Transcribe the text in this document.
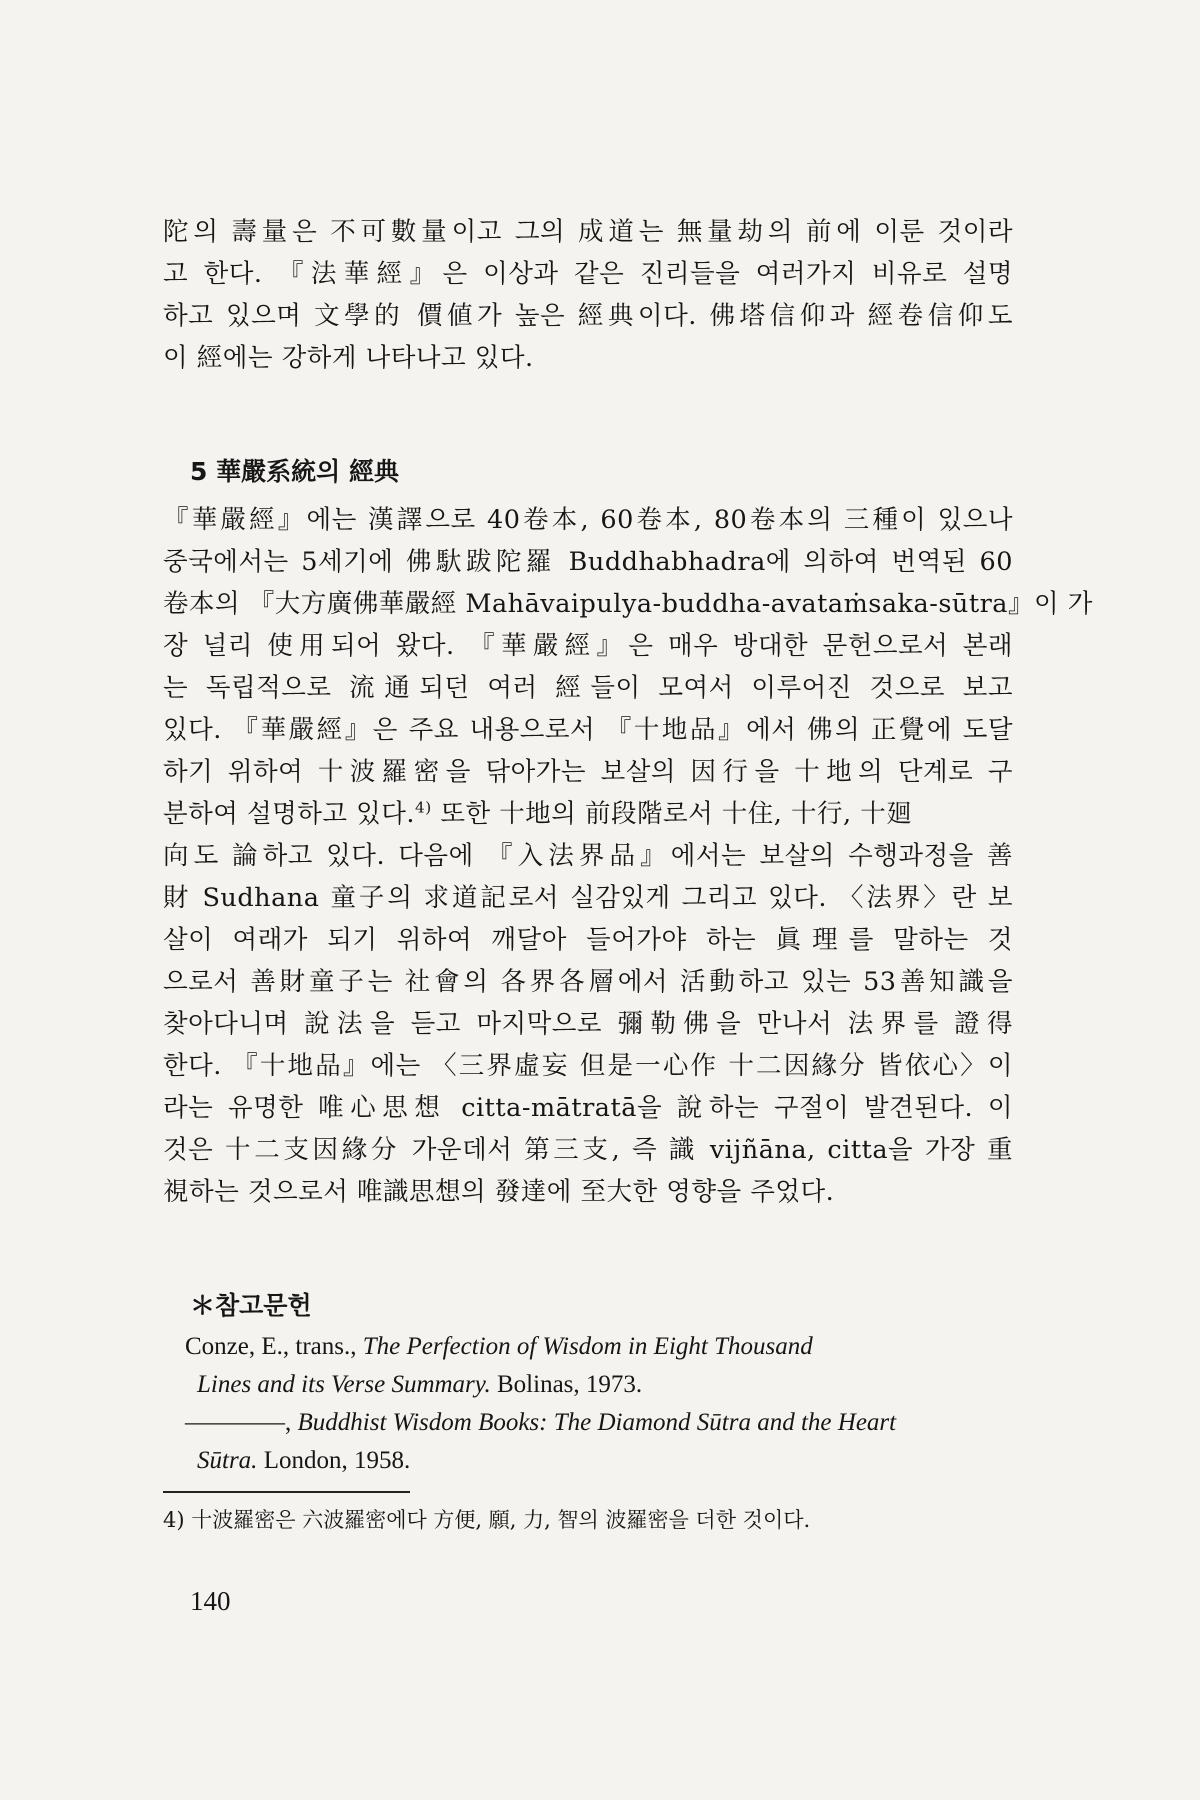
陀의 壽量은 不可數量이고 그의 成道는 無量劫의 前에 이룬 것이라
고 한다. 『法華經』은 이상과 같은 진리들을 여러가지 비유로 설명
하고 있으며 文學的 價値가 높은 經典이다. 佛塔信仰과 經卷信仰도
이 經에는 강하게 나타나고 있다.
5 華嚴系統의 經典
『華嚴經』에는 漢譯으로 40卷本, 60卷本, 80卷本의 三種이 있으나
중국에서는 5세기에 佛馱跋陀羅 Buddhabhadra에 의하여 번역된 60
卷本의 『大方廣佛華嚴經 Mahāvaipulya-buddha-avataṁsaka-sūtra』이 가
장 널리 使用되어 왔다. 『華嚴經』은 매우 방대한 문헌으로서 본래
는 독립적으로 流通되던 여러 經들이 모여서 이루어진 것으로 보고
있다. 『華嚴經』은 주요 내용으로서 『十地品』에서 佛의 正覺에 도달
하기 위하여 十波羅密을 닦아가는 보살의 因行을 十地의 단계로 구
분하여 설명하고 있다.$^{4)}$ 또한 十地의 前段階로서 十住, 十行, 十廻
向도 論하고 있다. 다음에 『入法界品』에서는 보살의 수행과정을 善
財 Sudhana 童子의 求道記로서 실감있게 그리고 있다. 〈法界〉란 보
살이 여래가 되기 위하여 깨달아 들어가야 하는 眞理를 말하는 것
으로서 善財童子는 社會의 各界各層에서 活動하고 있는 53善知識을
찾아다니며 說法을 듣고 마지막으로 彌勒佛을 만나서 法界를 證得
한다. 『十地品』에는 〈三界虛妄 但是一心作 十二因緣分 皆依心〉이
라는 유명한 唯心思想 citta-mātratā을 說하는 구절이 발견된다. 이
것은 十二支因緣分 가운데서 第三支, 즉 識 vijñāna, citta을 가장 重
視하는 것으로서 唯識思想의 發達에 至大한 영향을 주었다.
＊참고문헌
Conze, E., trans., The Perfection of Wisdom in Eight Thousand
Lines and its Verse Summary. Bolinas, 1973.
————, Buddhist Wisdom Books: The Diamond Sūtra and the Heart
Sūtra. London, 1958.
4) 十波羅密은 六波羅密에다 方便, 願, 力, 智의 波羅密을 더한 것이다.
140
